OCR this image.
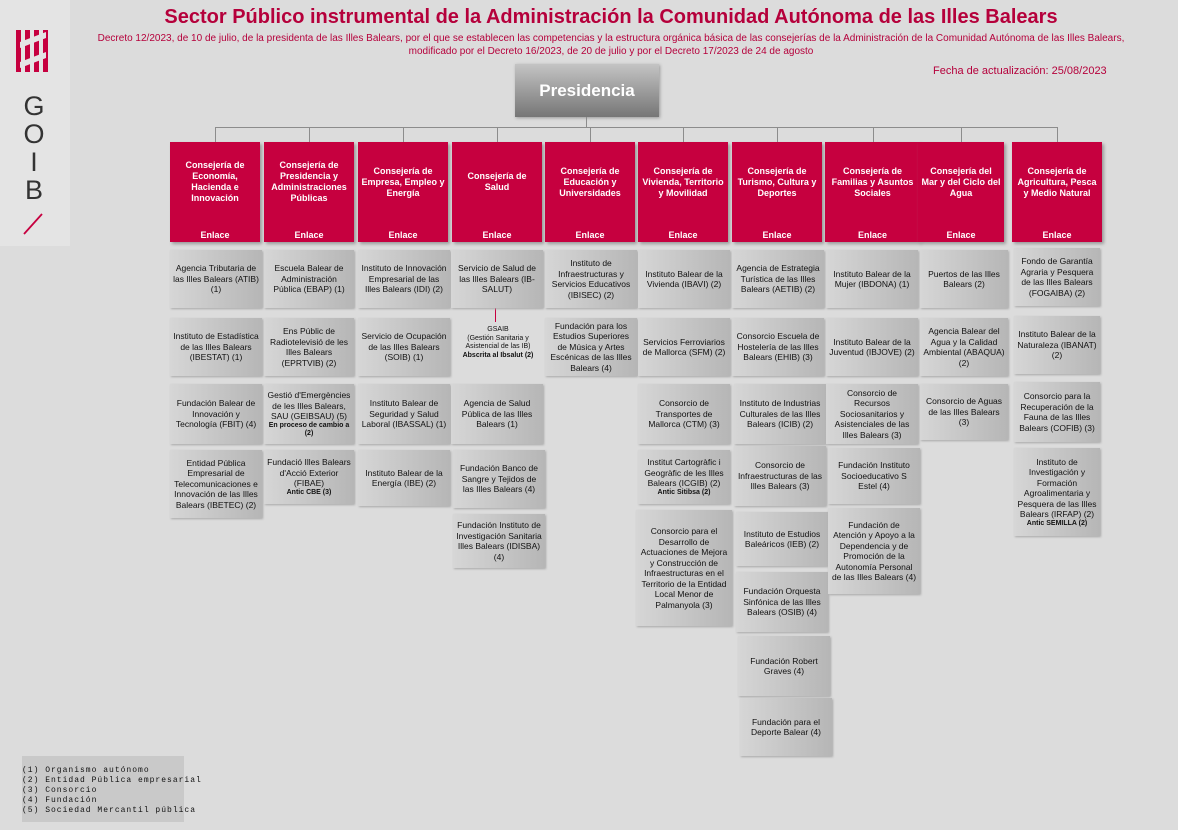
G
O
I
B
Sector Público instrumental de la Administración la Comunidad Autónoma de las Illes Balears
Decreto 12/2023, de 10 de julio, de la presidenta de las Illes Balears, por el que se establecen las competencias y la estructura orgánica básica de las consejerías de la Administración de la Comunidad Autónoma de las Illes Balears, modificado por el Decreto 16/2023, de 20 de julio y por el Decreto 17/2023 de 24 de agosto
Fecha de actualización: 25/08/2023
Presidencia
Consejería de Economía, Hacienda e Innovación
Enlace
Agencia Tributaria de las Illes Balears (ATIB) (1)
Instituto de Estadística de las Illes Balears (IBESTAT) (1)
Fundación Balear de Innovación y Tecnología (FBIT) (4)
Entidad Pública Empresarial de Telecomunicaciones e Innovación de las Illes Balears (IBETEC) (2)
Consejería de Presidencia y Administraciones Públicas
Enlace
Escuela Balear de Administración Pública (EBAP) (1)
Ens Públic de Radiotelevisió de les Illes Balears (EPRTVIB) (2)
Gestió d'Emergències de les Illes Balears, SAU (GEIBSAU) (5)
En proceso de cambio a (2)
Fundació Illes Balears d'Acció Exterior (FIBAE)
Antic CBE (3)
Consejería de Empresa, Empleo y Energía
Enlace
Instituto de Innovación Empresarial de las Illes Balears (IDI) (2)
Servicio de Ocupación de las Illes Balears (SOIB) (1)
Instituto Balear de Seguridad y Salud Laboral (IBASSAL) (1)
Instituto Balear de la Energía (IBE) (2)
Consejería de Salud
Enlace
Servicio de Salud de las Illes Balears (IB-SALUT)
Agencia de Salud Pública de las Illes Balears (1)
Fundación Banco de Sangre y Tejidos de las Illes Balears (4)
Fundación Instituto de Investigación Sanitaria Illes Balears (IDISBA) (4)
Consejería de Educación y Universidades
Enlace
Instituto de Infraestructuras y Servicios Educativos (IBISEC) (2)
Fundación para los Estudios Superiores de Música y Artes Escénicas de las Illes Balears (4)
Consejería de Vivienda, Territorio y Movilidad
Enlace
Instituto Balear de la Vivienda (IBAVI) (2)
Servicios Ferroviarios de Mallorca (SFM) (2)
Consorcio de Transportes de Mallorca (CTM) (3)
Institut Cartogràfic i Geogràfic de les Illes Balears (ICGIB) (2)
Antic Sitibsa (2)
Consorcio para el Desarrollo de Actuaciones de Mejora y Construcción de Infraestructuras en el Territorio de la Entidad Local Menor de Palmanyola (3)
Consejería de Turismo, Cultura y Deportes
Enlace
Agencia de Estrategia Turística de las Illes Balears (AETIB) (2)
Consorcio Escuela de Hostelería de las Illes Balears (EHIB) (3)
Instituto de Industrias Culturales de las Illes Balears (ICIB) (2)
Consorcio de Infraestructuras de las Illes Balears (3)
Instituto de Estudios Baleáricos (IEB) (2)
Fundación Orquesta Sinfónica de las Illes Balears (OSIB) (4)
Fundación Robert Graves (4)
Fundación para el Deporte Balear (4)
Consejería de Familias y Asuntos Sociales
Enlace
Instituto Balear de la Mujer (IBDONA) (1)
Instituto Balear de la Juventud (IBJOVE) (2)
Consorcio de Recursos Sociosanitarios y Asistenciales de las Illes Balears (3)
Fundación Instituto Socioeducativo S Estel (4)
Fundación de Atención y Apoyo a la Dependencia y de Promoción de la Autonomía Personal de las Illes Balears (4)
Consejería del Mar y del Ciclo del Agua
Enlace
Puertos de las Illes Balears (2)
Agencia Balear del Agua y la Calidad Ambiental (ABAQUA) (2)
Consorcio de Aguas de las Illes Balears (3)
Consejería de Agricultura, Pesca y Medio Natural
Enlace
Fondo de Garantía Agraria y Pesquera de las Illes Balears (FOGAIBA) (2)
Instituto Balear de la Naturaleza (IBANAT) (2)
Consorcio para la Recuperación de la Fauna de las Illes Balears (COFIB) (3)
Instituto de Investigación y Formación Agroalimentaria y Pesquera de las Illes Balears (IRFAP) (2)
Antic SEMILLA (2)
GSAIB
(Gestión Sanitaria y Asistencial de las IB)
Abscrita al Ibsalut (2)
(1) Organismo autónomo
(2) Entidad Pública empresarial
(3) Consorcio
(4) Fundación
(5) Sociedad Mercantil pública
